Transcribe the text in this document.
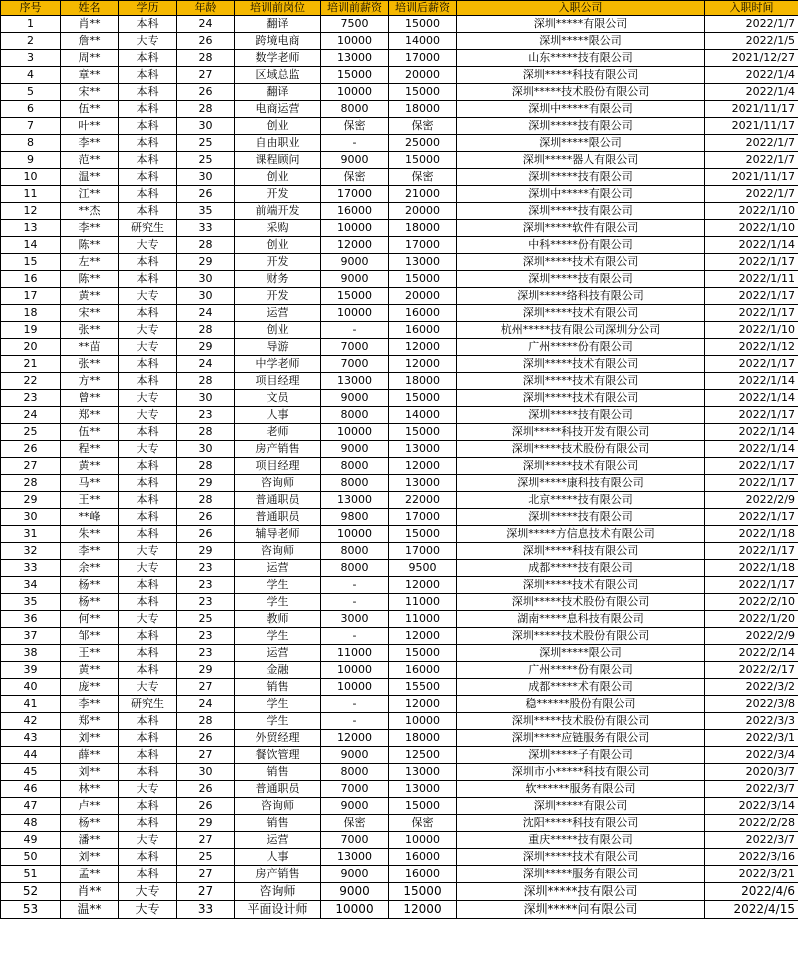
序号	姓名	学历	年龄	培训前岗位	培训前薪资	培训后薪资	入职公司	入职时间
1	肖**	本科	24	翻译	7500	15000	深圳*****有限公司	2022/1/7
2	詹**	大专	26	跨境电商	10000	14000	深圳*****限公司	2022/1/5
3	周**	本科	28	数学老师	13000	17000	山东*****技有限公司	2021/12/27
4	章**	本科	27	区域总监	15000	20000	深圳*****科技有限公司	2022/1/4
5	宋**	本科	26	翻译	10000	15000	深圳*****技术股份有限公司	2022/1/4
6	伍**	本科	28	电商运营	8000	18000	深圳中*****有限公司	2021/11/17
7	叶**	本科	30	创业	保密	保密	深圳*****技有限公司	2021/11/17
8	李**	本科	25	自由职业	-	25000	深圳*****限公司	2022/1/7
9	范**	本科	25	课程顾问	9000	15000	深圳*****器人有限公司	2022/1/7
10	温**	本科	30	创业	保密	保密	深圳*****技有限公司	2021/11/17
11	江**	本科	26	开发	17000	21000	深圳中*****有限公司	2022/1/7
12	**杰	本科	35	前端开发	16000	20000	深圳*****技有限公司	2022/1/10
13	李**	研究生	33	采购	10000	18000	深圳*****软件有限公司	2022/1/10
14	陈**	大专	28	创业	12000	17000	中科*****份有限公司	2022/1/14
15	左**	本科	29	开发	9000	13000	深圳*****技术有限公司	2022/1/17
16	陈**	本科	30	财务	9000	15000	深圳*****技有限公司	2022/1/11
17	黄**	大专	30	开发	15000	20000	深圳*****络科技有限公司	2022/1/17
18	宋**	本科	24	运营	10000	16000	深圳*****技术有限公司	2022/1/17
19	张**	大专	28	创业	-	16000	杭州*****技有限公司深圳分公司	2022/1/10
20	**苗	大专	29	导游	7000	12000	广州*****份有限公司	2022/1/12
21	张**	本科	24	中学老师	7000	12000	深圳*****技术有限公司	2022/1/17
22	方**	本科	28	项目经理	13000	18000	深圳*****技术有限公司	2022/1/14
23	曾**	大专	30	文员	9000	15000	深圳*****技术有限公司	2022/1/14
24	郑**	大专	23	人事	8000	14000	深圳*****技有限公司	2022/1/17
25	伍**	本科	28	老师	10000	15000	深圳*****科技开发有限公司	2022/1/14
26	程**	大专	30	房产销售	9000	13000	深圳*****技术股份有限公司	2022/1/14
27	黄**	本科	28	项目经理	8000	12000	深圳*****技术有限公司	2022/1/17
28	马**	本科	29	咨询师	8000	13000	深圳*****康科技有限公司	2022/1/17
29	王**	本科	28	普通职员	13000	22000	北京*****技有限公司	2022/2/9
30	**峰	本科	26	普通职员	9800	17000	深圳*****技有限公司	2022/1/17
31	朱**	本科	26	辅导老师	10000	15000	深圳*****方信息技术有限公司	2022/1/18
32	李**	大专	29	咨询师	8000	17000	深圳*****科技有限公司	2022/1/17
33	余**	大专	23	运营	8000	9500	成都*****技有限公司	2022/1/18
34	杨**	本科	23	学生	-	12000	深圳*****技术有限公司	2022/1/17
35	杨**	本科	23	学生	-	11000	深圳*****技术股份有限公司	2022/2/10
36	何**	大专	25	教师	3000	11000	湖南*****息科技有限公司	2022/1/20
37	邹**	本科	23	学生	-	12000	深圳*****技术股份有限公司	2022/2/9
38	王**	本科	23	运营	11000	15000	深圳*****限公司	2022/2/14
39	黄**	本科	29	金融	10000	16000	广州*****份有限公司	2022/2/17
40	庞**	大专	27	销售	10000	15500	成都*****术有限公司	2022/3/2
41	李**	研究生	24	学生	-	12000	稳******股份有限公司	2022/3/8
42	郑**	本科	28	学生	-	10000	深圳*****技术股份有限公司	2022/3/3
43	刘**	本科	26	外贸经理	12000	18000	深圳*****应链服务有限公司	2022/3/1
44	薛**	本科	27	餐饮管理	9000	12500	深圳*****子有限公司	2022/3/4
45	刘**	本科	30	销售	8000	13000	深圳市小*****科技有限公司	2020/3/7
46	林**	大专	26	普通职员	7000	13000	软******服务有限公司	2022/3/7
47	卢**	本科	26	咨询师	9000	15000	深圳*****有限公司	2022/3/14
48	杨**	本科	29	销售	保密	保密	沈阳*****科技有限公司	2022/2/28
49	潘**	大专	27	运营	7000	10000	重庆*****技有限公司	2022/3/7
50	刘**	本科	25	人事	13000	16000	深圳*****技术有限公司	2022/3/16
51	孟**	本科	27	房产销售	9000	16000	深圳*****服务有限公司	2022/3/21
52	肖**	大专	27	咨询师	9000	15000	深圳*****技有限公司	2022/4/6
53	温**	大专	33	平面设计师	10000	12000	深圳*****问有限公司	2022/4/15
